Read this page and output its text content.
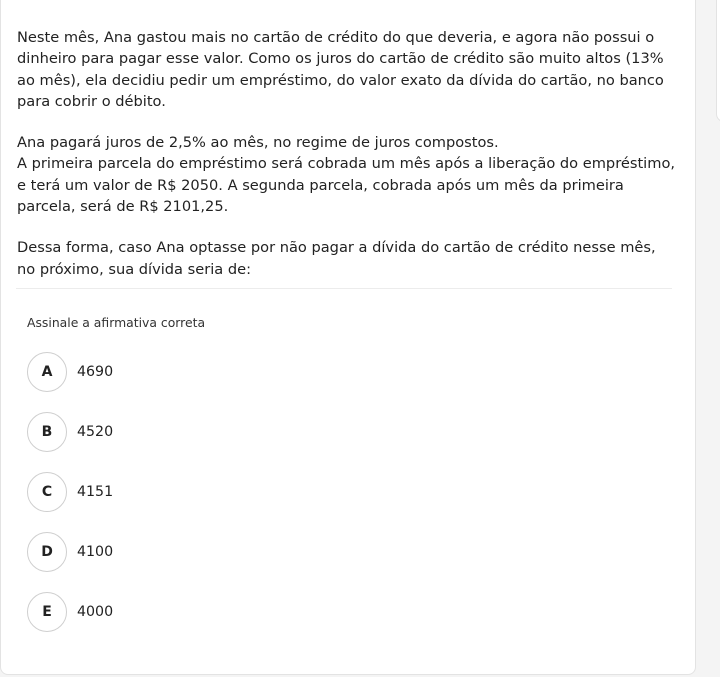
Neste mês, Ana gastou mais no cartão de crédito do que deveria, e agora não possui o dinheiro para pagar esse valor. Como os juros do cartão de crédito são muito altos (13% ao mês), ela decidiu pedir um empréstimo, do valor exato da dívida do cartão, no banco para cobrir o débito.

Ana pagará juros de 2,5% ao mês, no regime de juros compostos.

A primeira parcela do empréstimo será cobrada um mês após a liberação do empréstimo, e terá um valor de R$ 2050. A segunda parcela, cobrada após um mês da primeira parcela, será de R$ 2101,25.

Dessa forma, caso Ana optasse por não pagar a dívida do cartão de crédito nesse mês, no próximo, sua dívida seria de:

Assinale a afirmativa correta
A	4690
B	4520
C	4151
D	4100
E	4000
